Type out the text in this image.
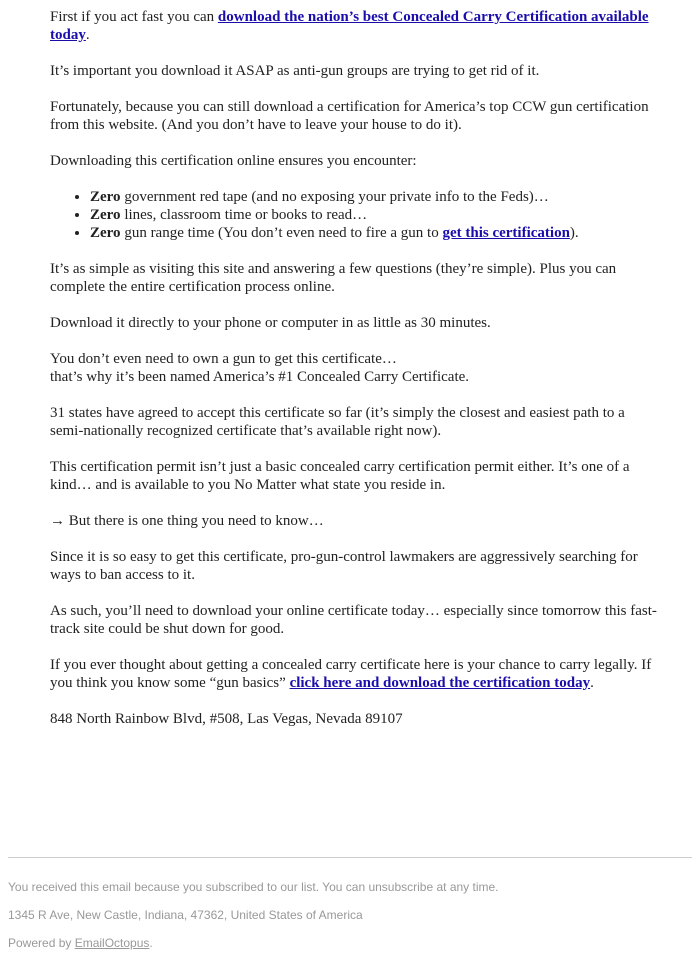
First if you act fast you can download the nation’s best Concealed Carry Certification available today.

It’s important you download it ASAP as anti-gun groups are trying to get rid of it.

Fortunately, because you can still download a certification for America’s top CCW gun certification from this website. (And you don’t have to leave your house to do it).

Downloading this certification online ensures you encounter:

• Zero government red tape (and no exposing your private info to the Feds)…
• Zero lines, classroom time or books to read…
• Zero gun range time (You don’t even need to fire a gun to get this certification).

It’s as simple as visiting this site and answering a few questions (they’re simple). Plus you can complete the entire certification process online.

Download it directly to your phone or computer in as little as 30 minutes.

You don’t even need to own a gun to get this certificate…
that’s why it’s been named America’s #1 Concealed Carry Certificate.

31 states have agreed to accept this certificate so far (it’s simply the closest and easiest path to a semi-nationally recognized certificate that’s available right now).

This certification permit isn’t just a basic concealed carry certification permit either. It’s one of a kind… and is available to you No Matter what state you reside in.

→ But there is one thing you need to know…

Since it is so easy to get this certificate, pro-gun-control lawmakers are aggressively searching for ways to ban access to it.

As such, you’ll need to download your online certificate today… especially since tomorrow this fast-track site could be shut down for good.

If you ever thought about getting a concealed carry certificate here is your chance to carry legally. If you think you know some “gun basics” click here and download the certification today.

848 North Rainbow Blvd, #508, Las Vegas, Nevada 89107

You received this email because you subscribed to our list. You can unsubscribe at any time.

1345 R Ave, New Castle, Indiana, 47362, United States of America

Powered by EmailOctopus.
